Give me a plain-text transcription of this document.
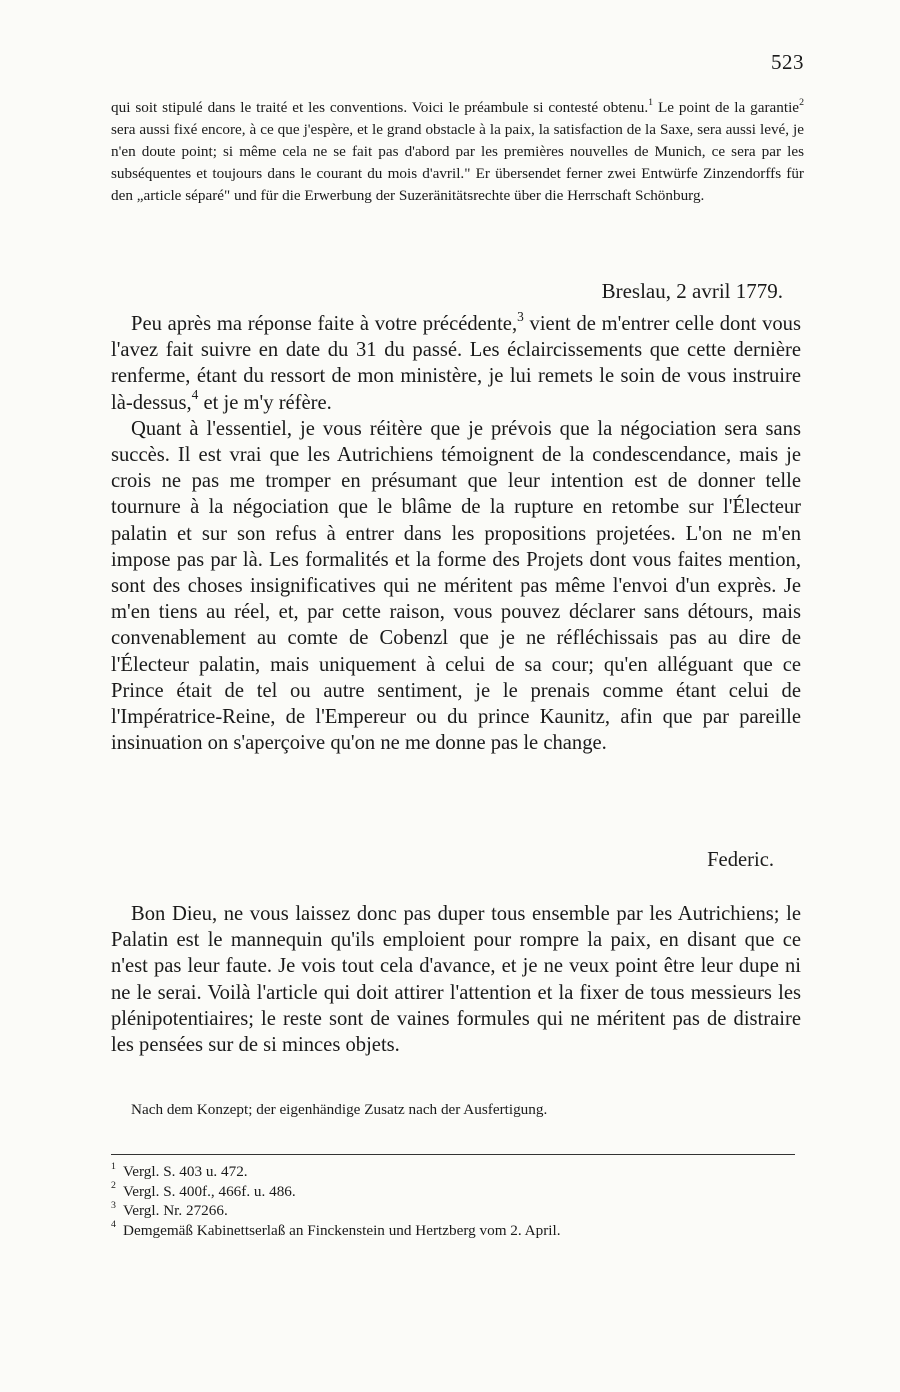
523
qui soit stipulé dans le traité et les conventions. Voici le préambule si contesté obtenu.$^1$ Le point de la garantie$^2$ sera aussi fixé encore, à ce que j'espère, et le grand obstacle à la paix, la satisfaction de la Saxe, sera aussi levé, je n'en doute point; si même cela ne se fait pas d'abord par les premières nouvelles de Munich, ce sera par les subséquentes et toujours dans le courant du mois d'avril." Er übersendet ferner zwei Entwürfe Zinzendorffs für den „article séparé" und für die Erwerbung der Suzeränitätsrechte über die Herrschaft Schönburg.
Breslau, 2 avril 1779.

Peu après ma réponse faite à votre précédente,$^3$ vient de m'entrer celle dont vous l'avez fait suivre en date du 31 du passé. Les éclaircissements que cette dernière renferme, étant du ressort de mon ministère, je lui remets le soin de vous instruire là-dessus,$^4$ et je m'y réfère.

Quant à l'essentiel, je vous réitère que je prévois que la négociation sera sans succès. Il est vrai que les Autrichiens témoignent de la condescendance, mais je crois ne pas me tromper en présumant que leur intention est de donner telle tournure à la négociation que le blâme de la rupture en retombe sur l'Électeur palatin et sur son refus à entrer dans les propositions projetées. L'on ne m'en impose pas par là. Les formalités et la forme des Projets dont vous faites mention, sont des choses insignificatives qui ne méritent pas même l'envoi d'un exprès. Je m'en tiens au réel, et, par cette raison, vous pouvez déclarer sans détours, mais convenablement au comte de Cobenzl que je ne réfléchissais pas au dire de l'Électeur palatin, mais uniquement à celui de sa cour; qu'en alléguant que ce Prince était de tel ou autre sentiment, je le prenais comme étant celui de l'Impératrice-Reine, de l'Empereur ou du prince Kaunitz, afin que par pareille insinuation on s'aperçoive qu'on ne me donne pas le change.

Federic.

Bon Dieu, ne vous laissez donc pas duper tous ensemble par les Autrichiens; le Palatin est le mannequin qu'ils emploient pour rompre la paix, en disant que ce n'est pas leur faute. Je vois tout cela d'avance, et je ne veux point être leur dupe ni ne le serai. Voilà l'article qui doit attirer l'attention et la fixer de tous messieurs les plénipotentiaires; le reste sont de vaines formules qui ne méritent pas de distraire les pensées sur de si minces objets.

Nach dem Konzept; der eigenhändige Zusatz nach der Ausfertigung.
$^1$ Vergl. S. 403 u. 472.
$^2$ Vergl. S. 400f., 466f. u. 486.
$^3$ Vergl. Nr. 27266.
$^4$ Demgemäß Kabinettserlaß an Finckenstein und Hertzberg vom 2. April.
